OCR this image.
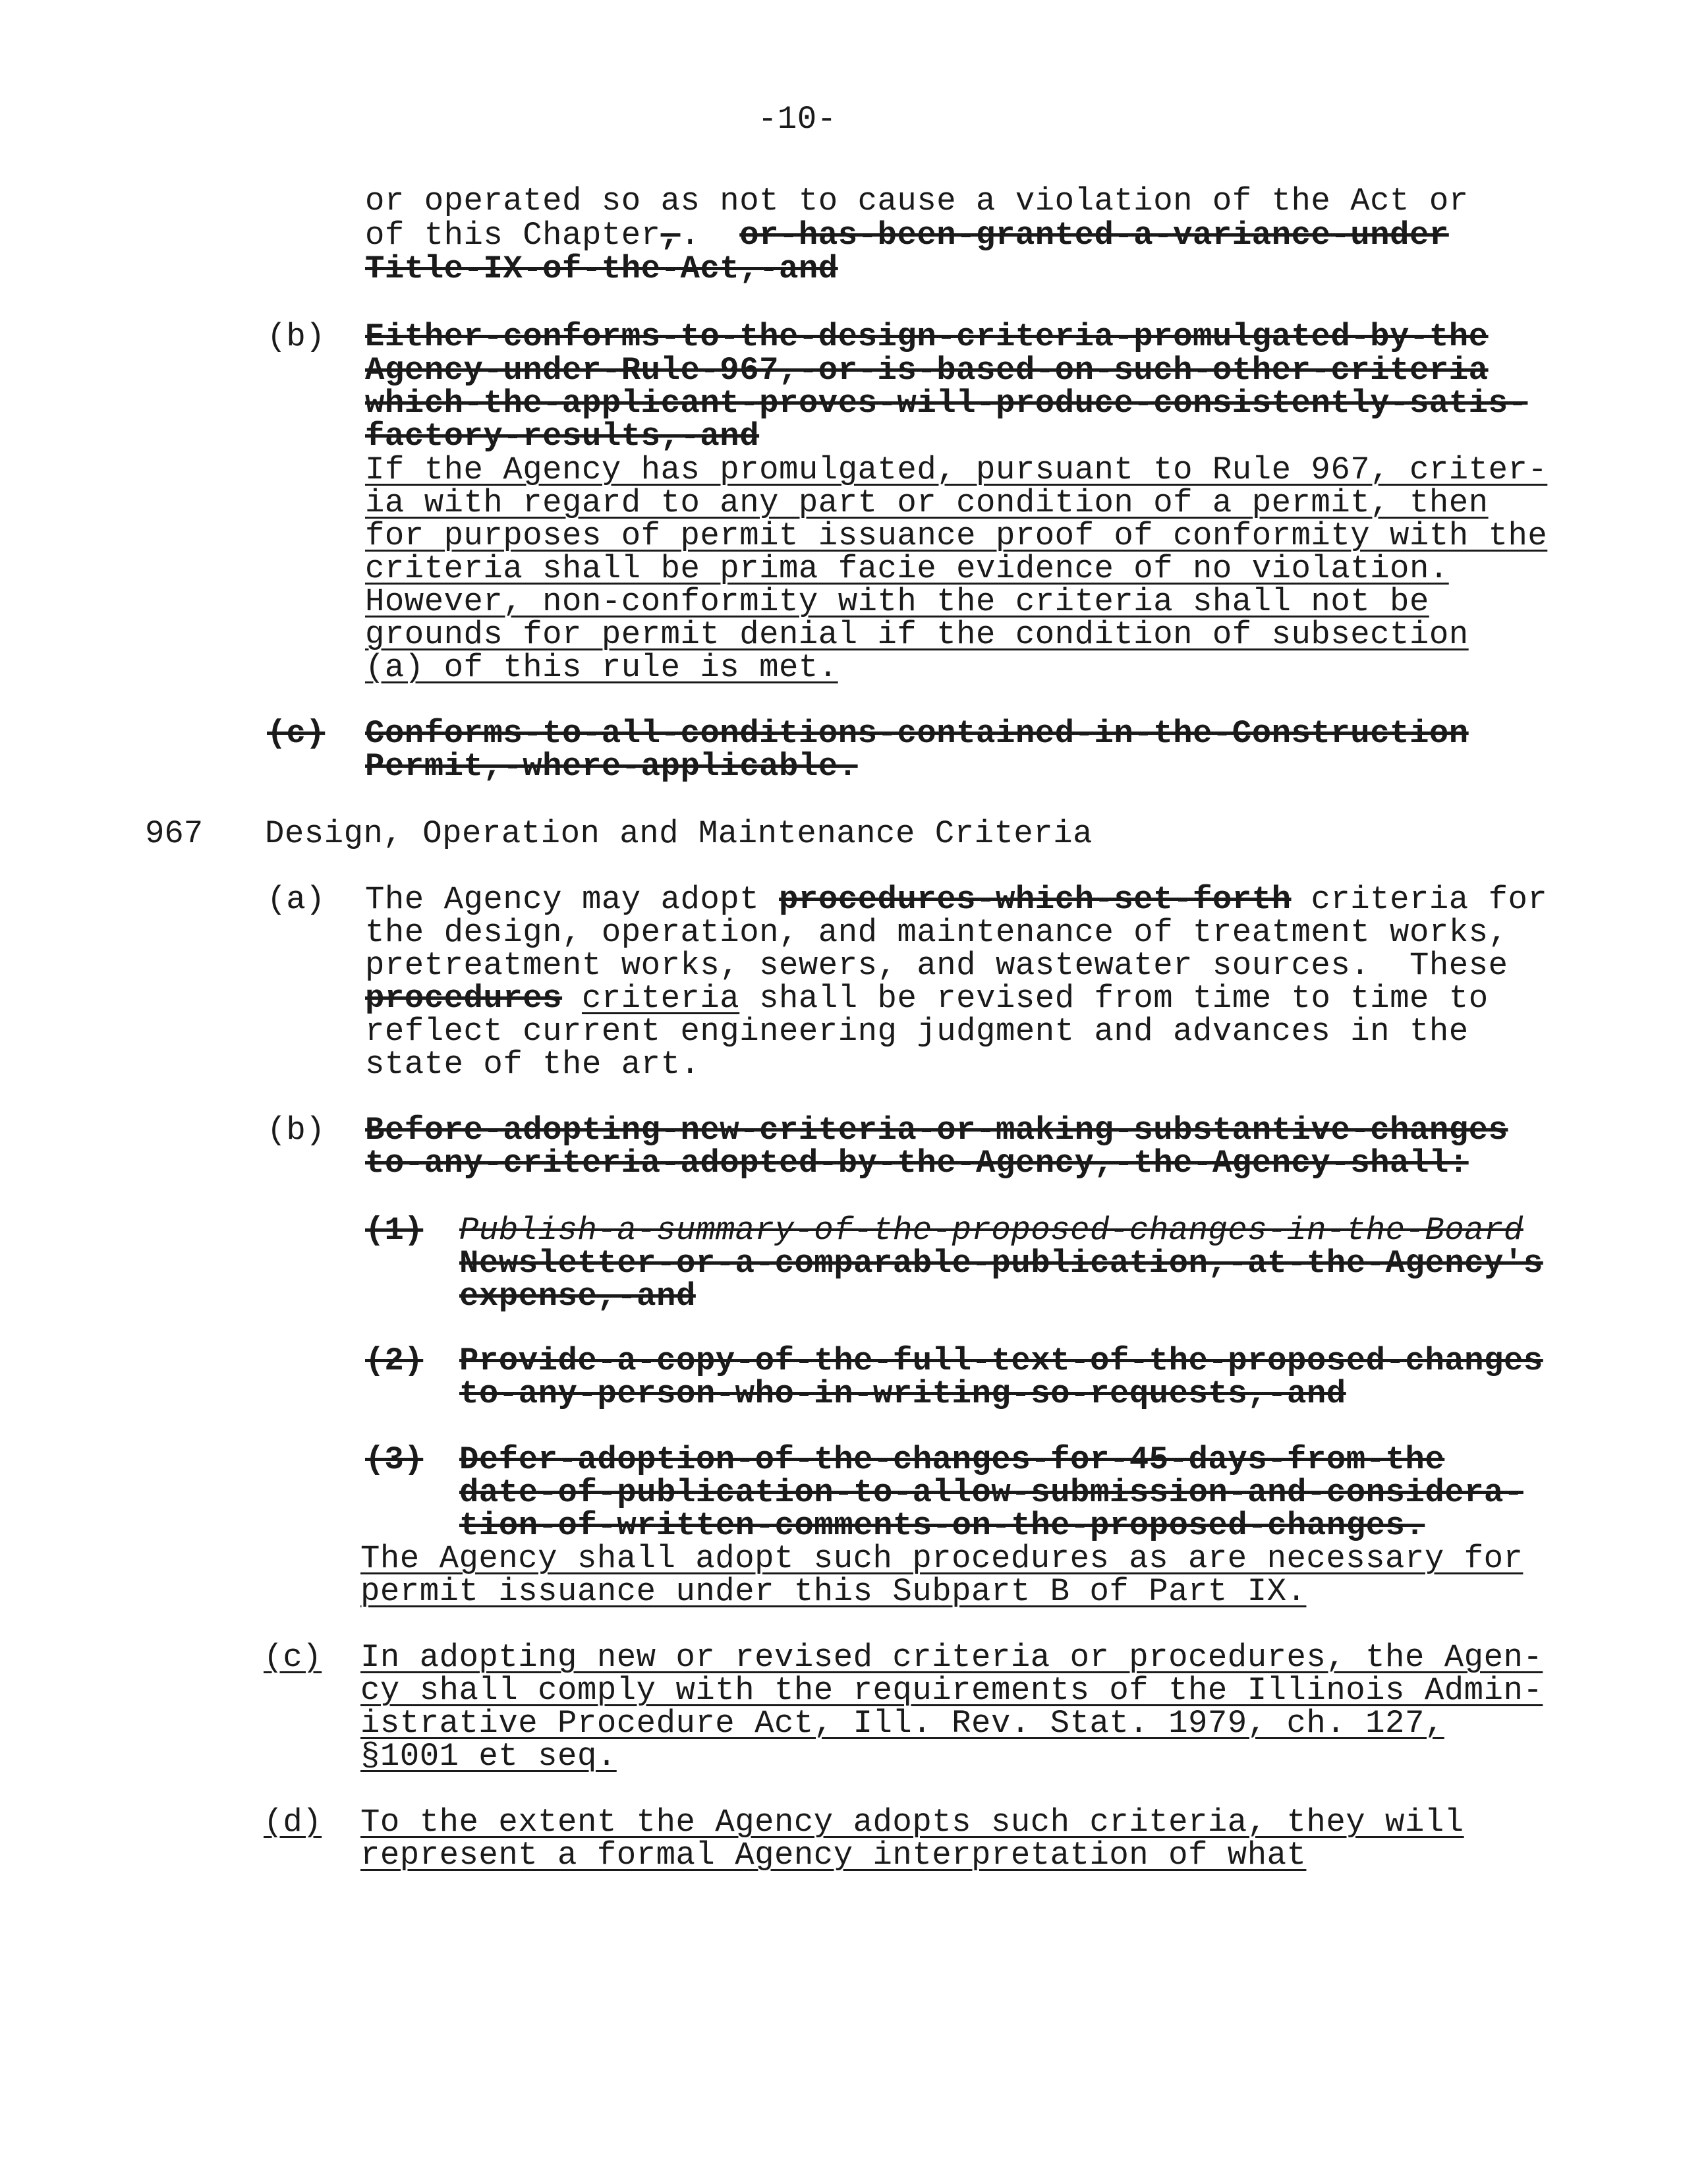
-10-
or operated so as not to cause a violation of the Act or
of this Chapter,. or-has-been-granted-a-variance-under
Title-IX-of-the-Act,-and
(b) Either-conforms-to-the-design-criteria-promulgated-by-the
Agency-under-Rule-967,-or-is-based-on-such-other-criteria
which-the-applicant-proves-will-produce-consistently-satis-
factory-results,-and
If the Agency has promulgated, pursuant to Rule 967, criter-
ia with regard to any part or condition of a permit, then
for purposes of permit issuance proof of conformity with the
criteria shall be prima facie evidence of no violation.
However, non-conformity with the criteria shall not be
grounds for permit denial if the condition of subsection
(a) of this rule is met.
(c) Conforms-to-all-conditions-contained-in-the-Construction
Permit,-where-applicable.
967 Design, Operation and Maintenance Criteria
(a) The Agency may adopt procedures-which-set-forth criteria for
the design, operation, and maintenance of treatment works,
pretreatment works, sewers, and wastewater sources.  These
procedures criteria shall be revised from time to time to
reflect current engineering judgment and advances in the
state of the art.
(b) Before-adopting-new-criteria-or-making-substantive-changes
to-any-criteria-adopted-by-the-Agency,-the-Agency-shall:
(1) Publish-a-summary-of-the-proposed-changes-in-the-Board
Newsletter-or-a-comparable-publication,-at-the-Agency's
expense,-and
(2) Provide-a-copy-of-the-full-text-of-the-proposed-changes
to-any-person-who-in-writing-so-requests,-and
(3) Defer-adoption-of-the-changes-for-45-days-from-the
date-of-publication-to-allow-submission-and-considera-
tion-of-written-comments-on-the-proposed-changes.
The Agency shall adopt such procedures as are necessary for
permit issuance under this Subpart B of Part IX.
(c) In adopting new or revised criteria or procedures, the Agen-
cy shall comply with the requirements of the Illinois Admin-
istrative Procedure Act, Ill. Rev. Stat. 1979, ch. 127,
§1001 et seq.
(d) To the extent the Agency adopts such criteria, they will
represent a formal Agency interpretation of what
